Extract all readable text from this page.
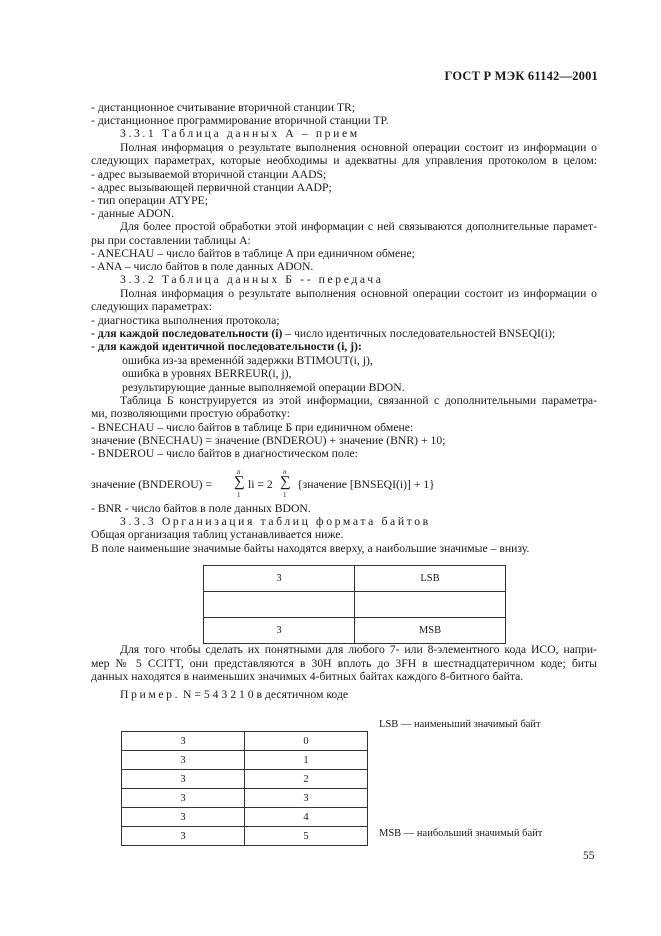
ГОСТ Р МЭК 61142—2001
- дистанционное считывание вторичной станции TR;
- дистанционное программирование вторичной станции TP.
3.3.1 Таблица данных А – прием
Полная информация о результате выполнения основной операции состоит из информации о
следующих параметрах, которые необходимы и адекватны для управления протоколом в целом:
- адрес вызываемой вторичной станции AADS;
- адрес вызывающей первичной станции AADP;
- тип операции ATYPE;
- данные ADON.
Для более простой обработки этой информации с ней связываются дополнительные парамет-
ры при составлении таблицы А:
- ANECHAU – число байтов в таблице А при единичном обмене;
- ANA – число байтов в поле данных ADON.
3.3.2 Таблица данных Б -- передача
Полная информация о результате выполнения основной операции состоит из информации о
следующих параметрах:
- диагностика выполнения протокола;
- для каждой последовательности (i) – число идентичных последовательностей BNSEQI(i);
- для каждой идентичной последовательности (i, j):
ошибка из-за временнóй задержки BTIMOUT(i, j),
ошибка в уровнях BERREUR(i, j),
результирующие данные выполняемой операции BDON.
Таблица Б конструируется из этой информации, связанной с дополнительными параметра-
ми, позволяющими простую обработку:
- BNECHAU – число байтов в таблице Б при единичном обмене:
значение (BNECHAU) = значение (BNDEROU) + значение (BNR) + 10;
- BNDEROU – число байтов в диагностическом поле:
значение (BNDEROU) =
n
∑
1
li = 2
n
∑
1
{значение [BNSEQI(i)] + 1}
- BNR - число байтов в поле данных BDON.
3.3.3 Организация таблиц формата байтов
Общая организация таблиц устанавливается ниже.
В поле наименьшие значимые байты находятся вверху, а наибольшие значимые – внизу.
3	LSB

3	MSB
Для того чтобы сделать их понятными для любого 7- или 8-элементного кода ИСО, напри-
мер № 5 CCITT, они представляются в 30Н вплоть до 3FH в шестнадцатеричном коде; биты
данных находятся в наименьших значимых 4-битных байтах каждого 8-битного байта.
Пример. N = 5 4 3 2 1 0 в десятичном коде
3	0
3	1
3	2
3	3
3	4
3	5
LSB — наименьший значимый байт
MSB — наибольший значимый байт
55
